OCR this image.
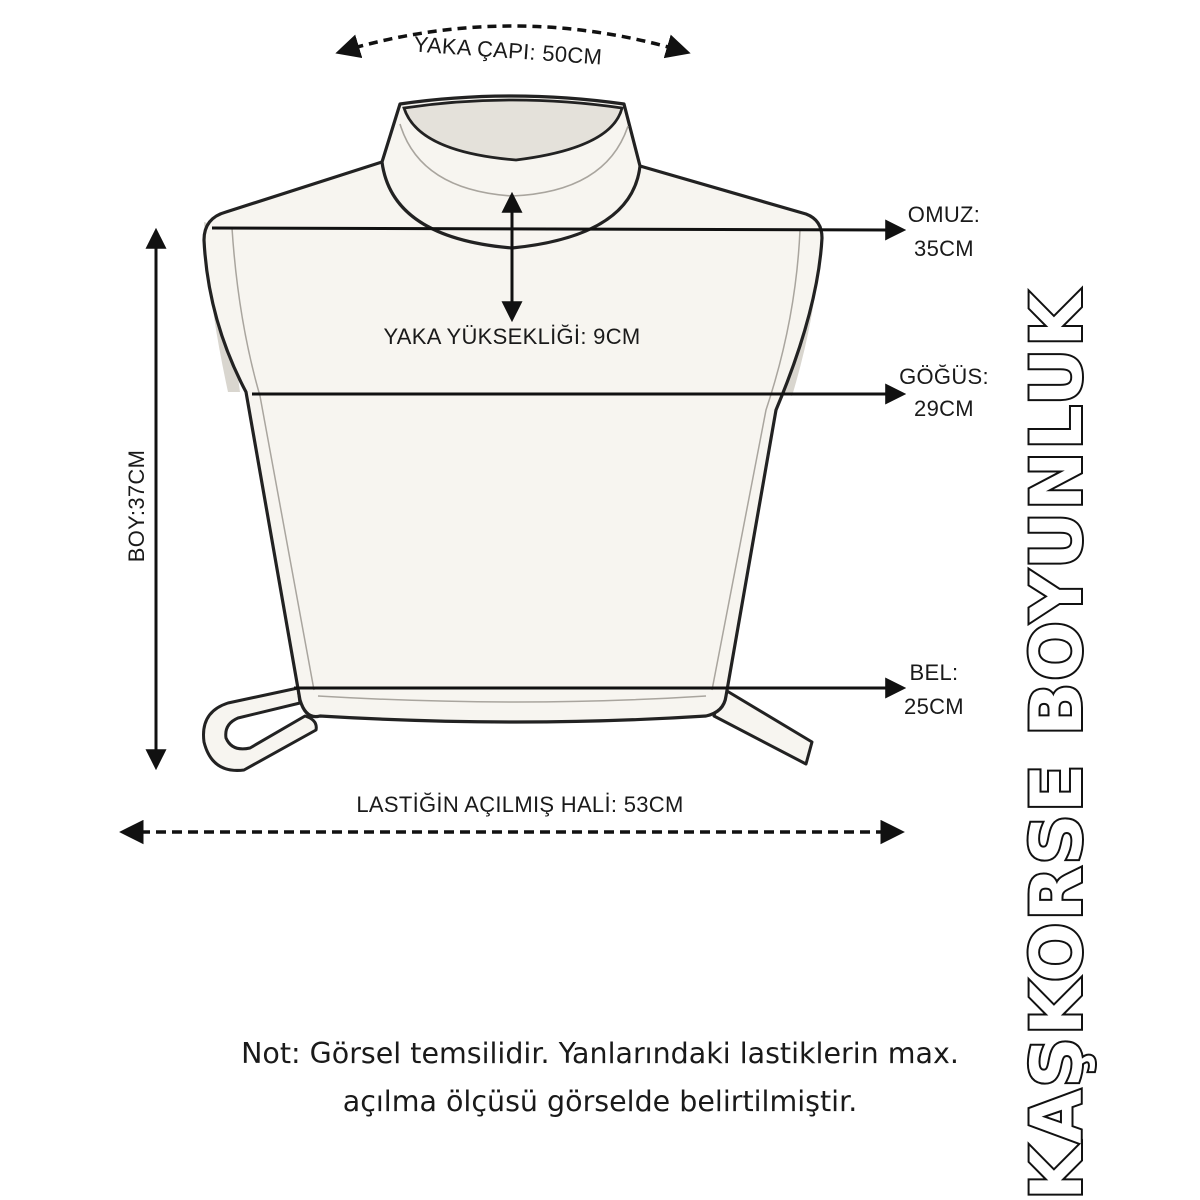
YAKA ÇAPI: 50CM
OMUZ:
35CM
YAKA YÜKSEKLİĞİ: 9CM
GÖĞÜS:
29CM
BEL:
25CM
BOY:37CM
LASTİĞİN AÇILMIŞ HALİ: 53CM
Not: Görsel temsilidir. Yanlarındaki lastiklerin max.
açılma ölçüsü görselde belirtilmiştir.	KAŞKORSE BOYUNLUK
